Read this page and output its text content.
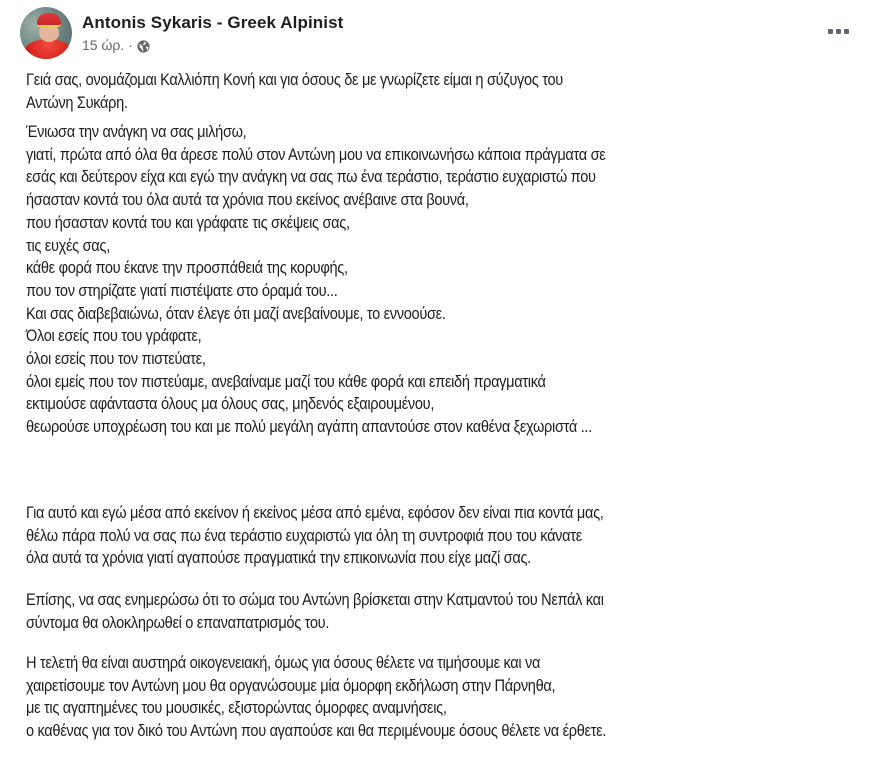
Antonis Sykaris - Greek Alpinist
15 ώρ. ·
Γειά σας, ονομάζομαι Καλλιόπη Κονή και για όσους δε με γνωρίζετε είμαι η σύζυγος του
Αντώνη Συκάρη.
Ένιωσα την ανάγκη να σας μιλήσω,
γιατί, πρώτα από όλα θα άρεσε πολύ στον Αντώνη μου να επικοινωνήσω κάποια πράγματα σε
εσάς και δεύτερον είχα και εγώ την ανάγκη να σας πω ένα τεράστιο, τεράστιο ευχαριστώ που
ήσασταν κοντά του όλα αυτά τα χρόνια που εκείνος ανέβαινε στα βουνά,
που ήσασταν κοντά του και γράφατε τις σκέψεις σας,
τις ευχές σας,
κάθε φορά που έκανε την προσπάθειά της κορυφής,
που τον στηρίζατε γιατί πιστέψατε στο όραμά του...
Και σας διαβεβαιώνω, όταν έλεγε ότι μαζί ανεβαίνουμε, το εννοούσε.
Όλοι εσείς που του γράφατε,
όλοι εσείς που τον πιστεύατε,
όλοι εμείς που τον πιστεύαμε, ανεβαίναμε μαζί του κάθε φορά και επειδή πραγματικά
εκτιμούσε αφάνταστα όλους μα όλους σας, μηδενός εξαιρουμένου,
θεωρούσε υποχρέωση του και με πολύ μεγάλη αγάπη απαντούσε στον καθένα ξεχωριστά ...
Για αυτό και εγώ μέσα από εκείνον ή εκείνος μέσα από εμένα, εφόσον δεν είναι πια κοντά μας,
θέλω πάρα πολύ να σας πω ένα τεράστιο ευχαριστώ για όλη τη συντροφιά που του κάνατε
όλα αυτά τα χρόνια γιατί αγαπούσε πραγματικά την επικοινωνία που είχε μαζί σας.
Επίσης, να σας ενημερώσω ότι το σώμα του Αντώνη βρίσκεται στην Κατμαντού του Νεπάλ και
σύντομα θα ολοκληρωθεί ο επαναπατρισμός του.
Η τελετή θα είναι αυστηρά οικογενειακή, όμως για όσους θέλετε να τιμήσουμε και να
χαιρετίσουμε τον Αντώνη μου θα οργανώσουμε μία όμορφη εκδήλωση στην Πάρνηθα,
με τις αγαπημένες του μουσικές, εξιστορώντας όμορφες αναμνήσεις,
ο καθένας για τον δικό του Αντώνη που αγαπούσε και θα περιμένουμε όσους θέλετε να έρθετε.
